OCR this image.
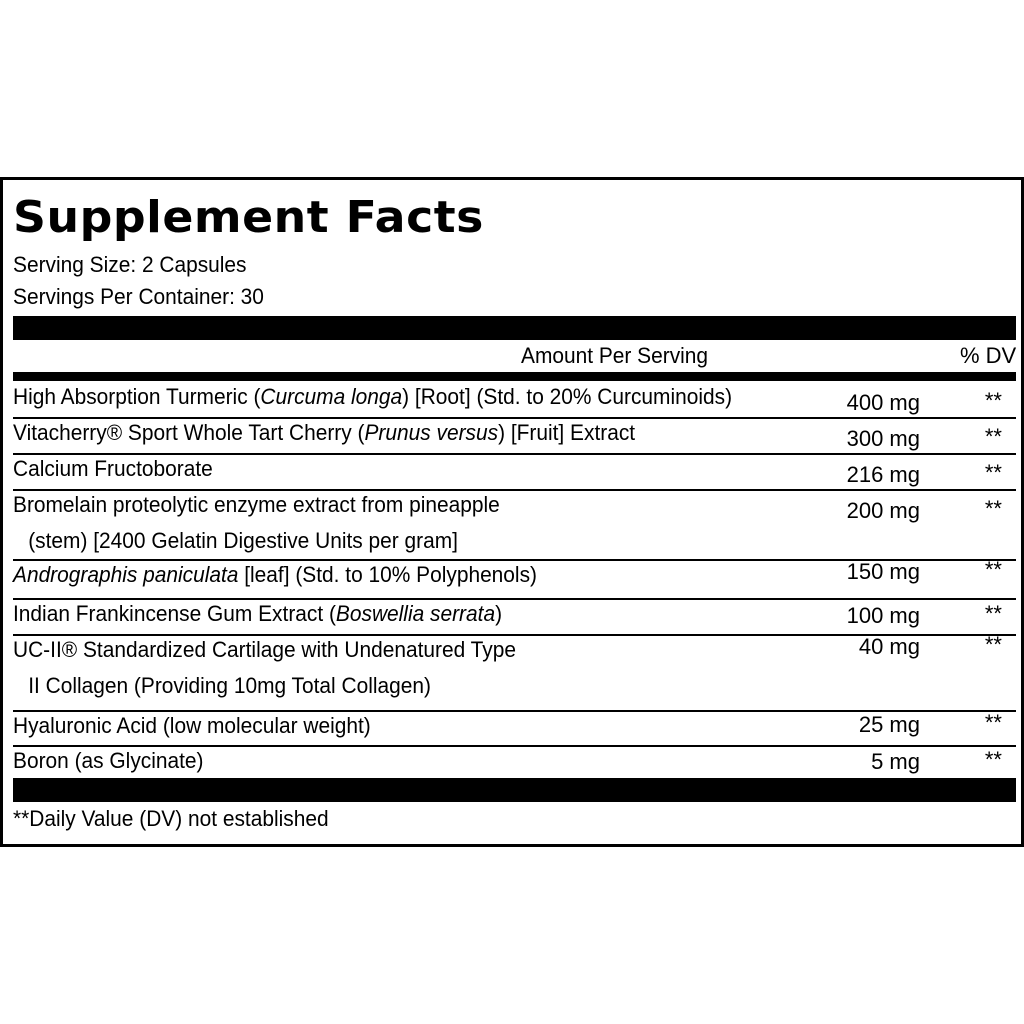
Supplement Facts
Serving Size: 2 Capsules
Servings Per Container: 30
Amount Per Serving	% DV
High Absorption Turmeric (Curcuma longa) [Root] (Std. to 20% Curcuminoids)	400 mg	**
Vitacherry® Sport Whole Tart Cherry (Prunus versus) [Fruit] Extract	300 mg	**
Calcium Fructoborate	216 mg	**
Bromelain proteolytic enzyme extract from pineapple
(stem) [2400 Gelatin Digestive Units per gram]
200 mg	**
Andrographis paniculata [leaf] (Std. to 10% Polyphenols)	150 mg	**
Indian Frankincense Gum Extract (Boswellia serrata)	100 mg	**
UC-II® Standardized Cartilage with Undenatured Type
II Collagen (Providing 10mg Total Collagen)
40 mg	**
Hyaluronic Acid (low molecular weight)	25 mg	**
Boron (as Glycinate)	5 mg	**
**Daily Value (DV) not established
